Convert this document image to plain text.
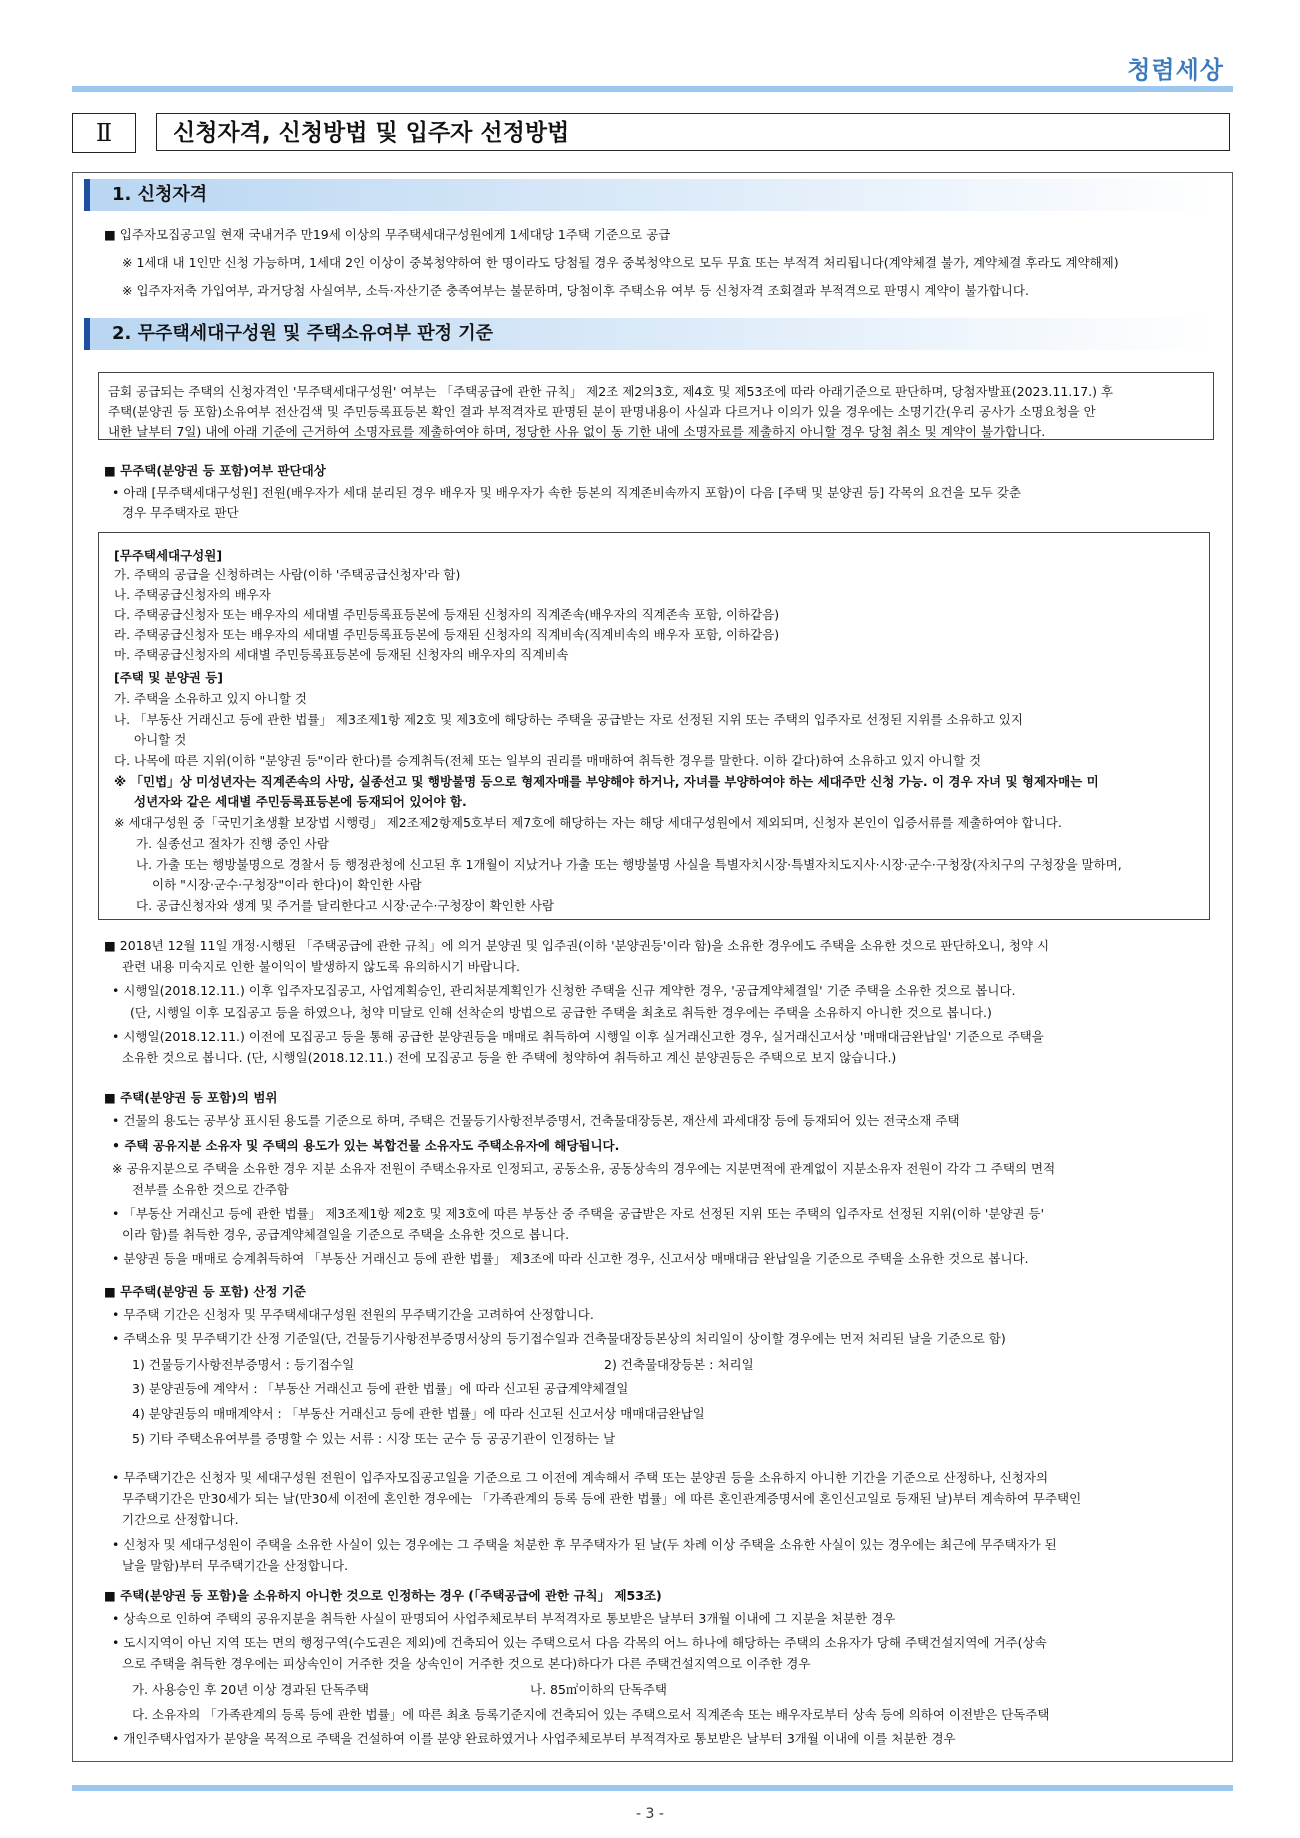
청렴세상
Ⅱ	신청자격, 신청방법 및 입주자 선정방법
1. 신청자격
2. 무주택세대구성원 및 주택소유여부 판정 기준
■ 입주자모집공고일 현재 국내거주 만19세 이상의 무주택세대구성원에게 1세대당 1주택 기준으로 공급
※ 1세대 내 1인만 신청 가능하며, 1세대 2인 이상이 중복청약하여 한 명이라도 당첨될 경우 중복청약으로 모두 무효 또는 부적격 처리됩니다(계약체결 불가, 계약체결 후라도 계약해제)
※ 입주자저축 가입여부, 과거당첨 사실여부, 소득·자산기준 충족여부는 불문하며, 당첨이후 주택소유 여부 등 신청자격 조회결과 부적격으로 판명시 계약이 불가합니다.
금회 공급되는 주택의 신청자격인 '무주택세대구성원' 여부는 「주택공급에 관한 규칙」 제2조 제2의3호, 제4호 및 제53조에 따라 아래기준으로 판단하며, 당첨자발표(2023.11.17.) 후
주택(분양권 등 포함)소유여부 전산검색 및 주민등록표등본 확인 결과 부적격자로 판명된 분이 판명내용이 사실과 다르거나 이의가 있을 경우에는 소명기간(우리 공사가 소명요청을 안
내한 날부터 7일) 내에 아래 기준에 근거하여 소명자료를 제출하여야 하며, 정당한 사유 없이 동 기한 내에 소명자료를 제출하지 아니할 경우 당첨 취소 및 계약이 불가합니다.
■ 무주택(분양권 등 포함)여부 판단대상
• 아래 [무주택세대구성원] 전원(배우자가 세대 분리된 경우 배우자 및 배우자가 속한 등본의 직계존비속까지 포함)이 다음 [주택 및 분양권 등] 각목의 요건을 모두 갖춘
경우 무주택자로 판단
[무주택세대구성원]
가. 주택의 공급을 신청하려는 사람(이하 '주택공급신청자'라 함)
나. 주택공급신청자의 배우자
다. 주택공급신청자 또는 배우자의 세대별 주민등록표등본에 등재된 신청자의 직계존속(배우자의 직계존속 포함, 이하같음)
라. 주택공급신청자 또는 배우자의 세대별 주민등록표등본에 등재된 신청자의 직계비속(직계비속의 배우자 포함, 이하같음)
마. 주택공급신청자의 세대별 주민등록표등본에 등재된 신청자의 배우자의 직계비속
[주택 및 분양권 등]
가. 주택을 소유하고 있지 아니할 것
나. 「부동산 거래신고 등에 관한 법률」 제3조제1항 제2호 및 제3호에 해당하는 주택을 공급받는 자로 선정된 지위 또는 주택의 입주자로 선정된 지위를 소유하고 있지
아니할 것
다. 나목에 따른 지위(이하 "분양권 등"이라 한다)를 승계취득(전체 또는 일부의 권리를 매매하여 취득한 경우를 말한다. 이하 같다)하여 소유하고 있지 아니할 것
※ 「민법」상 미성년자는 직계존속의 사망, 실종선고 및 행방불명 등으로 형제자매를 부양해야 하거나, 자녀를 부양하여야 하는 세대주만 신청 가능. 이 경우 자녀 및 형제자매는 미
성년자와 같은 세대별 주민등록표등본에 등재되어 있어야 함.
※ 세대구성원 중「국민기초생활 보장법 시행령」 제2조제2항제5호부터 제7호에 해당하는 자는 해당 세대구성원에서 제외되며, 신청자 본인이 입증서류를 제출하여야 합니다.
가. 실종선고 절차가 진행 중인 사람
나. 가출 또는 행방불명으로 경찰서 등 행정관청에 신고된 후 1개월이 지났거나 가출 또는 행방불명 사실을 특별자치시장·특별자치도지사·시장·군수·구청장(자치구의 구청장을 말하며,
이하 "시장·군수·구청장"이라 한다)이 확인한 사람
다. 공급신청자와 생계 및 주거를 달리한다고 시장·군수·구청장이 확인한 사람
■ 2018년 12월 11일 개정·시행된 「주택공급에 관한 규칙」에 의거 분양권 및 입주권(이하 '분양권등'이라 함)을 소유한 경우에도 주택을 소유한 것으로 판단하오니, 청약 시
관련 내용 미숙지로 인한 불이익이 발생하지 않도록 유의하시기 바랍니다.
• 시행일(2018.12.11.) 이후 입주자모집공고, 사업계획승인, 관리처분계획인가 신청한 주택을 신규 계약한 경우, '공급계약체결일' 기준 주택을 소유한 것으로 봅니다.
(단, 시행일 이후 모집공고 등을 하였으나, 청약 미달로 인해 선착순의 방법으로 공급한 주택을 최초로 취득한 경우에는 주택을 소유하지 아니한 것으로 봅니다.)
• 시행일(2018.12.11.) 이전에 모집공고 등을 통해 공급한 분양권등을 매매로 취득하여 시행일 이후 실거래신고한 경우, 실거래신고서상 '매매대금완납일' 기준으로 주택을
소유한 것으로 봅니다. (단, 시행일(2018.12.11.) 전에 모집공고 등을 한 주택에 청약하여 취득하고 계신 분양권등은 주택으로 보지 않습니다.)
■ 주택(분양권 등 포함)의 범위
• 건물의 용도는 공부상 표시된 용도를 기준으로 하며, 주택은 건물등기사항전부증명서, 건축물대장등본, 재산세 과세대장 등에 등재되어 있는 전국소재 주택
• 주택 공유지분 소유자 및 주택의 용도가 있는 복합건물 소유자도 주택소유자에 해당됩니다.
※ 공유지분으로 주택을 소유한 경우 지분 소유자 전원이 주택소유자로 인정되고, 공동소유, 공동상속의 경우에는 지분면적에 관계없이 지분소유자 전원이 각각 그 주택의 면적
전부를 소유한 것으로 간주함
• 「부동산 거래신고 등에 관한 법률」 제3조제1항 제2호 및 제3호에 따른 부동산 중 주택을 공급받은 자로 선정된 지위 또는 주택의 입주자로 선정된 지위(이하 '분양권 등'
이라 함)를 취득한 경우, 공급계약체결일을 기준으로 주택을 소유한 것으로 봅니다.
• 분양권 등을 매매로 승계취득하여 「부동산 거래신고 등에 관한 법률」 제3조에 따라 신고한 경우, 신고서상 매매대금 완납일을 기준으로 주택을 소유한 것으로 봅니다.
■ 무주택(분양권 등 포함) 산정 기준
• 무주택 기간은 신청자 및 무주택세대구성원 전원의 무주택기간을 고려하여 산정합니다.
• 주택소유 및 무주택기간 산정 기준일(단, 건물등기사항전부증명서상의 등기접수일과 건축물대장등본상의 처리일이 상이할 경우에는 먼저 처리된 날을 기준으로 함)
1) 건물등기사항전부증명서 : 등기접수일	2) 건축물대장등본 : 처리일
3) 분양권등에 계약서 : 「부동산 거래신고 등에 관한 법률」에 따라 신고된 공급계약체결일
4) 분양권등의 매매계약서 : 「부동산 거래신고 등에 관한 법률」에 따라 신고된 신고서상 매매대금완납일
5) 기타 주택소유여부를 증명할 수 있는 서류 : 시장 또는 군수 등 공공기관이 인정하는 날
• 무주택기간은 신청자 및 세대구성원 전원이 입주자모집공고일을 기준으로 그 이전에 계속해서 주택 또는 분양권 등을 소유하지 아니한 기간을 기준으로 산정하나, 신청자의
무주택기간은 만30세가 되는 날(만30세 이전에 혼인한 경우에는 「가족관계의 등록 등에 관한 법률」에 따른 혼인관계증명서에 혼인신고일로 등재된 날)부터 계속하여 무주택인
기간으로 산정합니다.
• 신청자 및 세대구성원이 주택을 소유한 사실이 있는 경우에는 그 주택을 처분한 후 무주택자가 된 날(두 차례 이상 주택을 소유한 사실이 있는 경우에는 최근에 무주택자가 된
날을 말함)부터 무주택기간을 산정합니다.
■ 주택(분양권 등 포함)을 소유하지 아니한 것으로 인정하는 경우 (「주택공급에 관한 규칙」 제53조)
• 상속으로 인하여 주택의 공유지분을 취득한 사실이 판명되어 사업주체로부터 부적격자로 통보받은 날부터 3개월 이내에 그 지분을 처분한 경우
• 도시지역이 아닌 지역 또는 면의 행정구역(수도권은 제외)에 건축되어 있는 주택으로서 다음 각목의 어느 하나에 해당하는 주택의 소유자가 당해 주택건설지역에 거주(상속
으로 주택을 취득한 경우에는 피상속인이 거주한 것을 상속인이 거주한 것으로 본다)하다가 다른 주택건설지역으로 이주한 경우
가. 사용승인 후 20년 이상 경과된 단독주택	나. 85㎡이하의 단독주택
다. 소유자의 「가족관계의 등록 등에 관한 법률」에 따른 최초 등록기준지에 건축되어 있는 주택으로서 직계존속 또는 배우자로부터 상속 등에 의하여 이전받은 단독주택
• 개인주택사업자가 분양을 목적으로 주택을 건설하여 이를 분양 완료하였거나 사업주체로부터 부적격자로 통보받은 날부터 3개월 이내에 이를 처분한 경우
- 3 -
